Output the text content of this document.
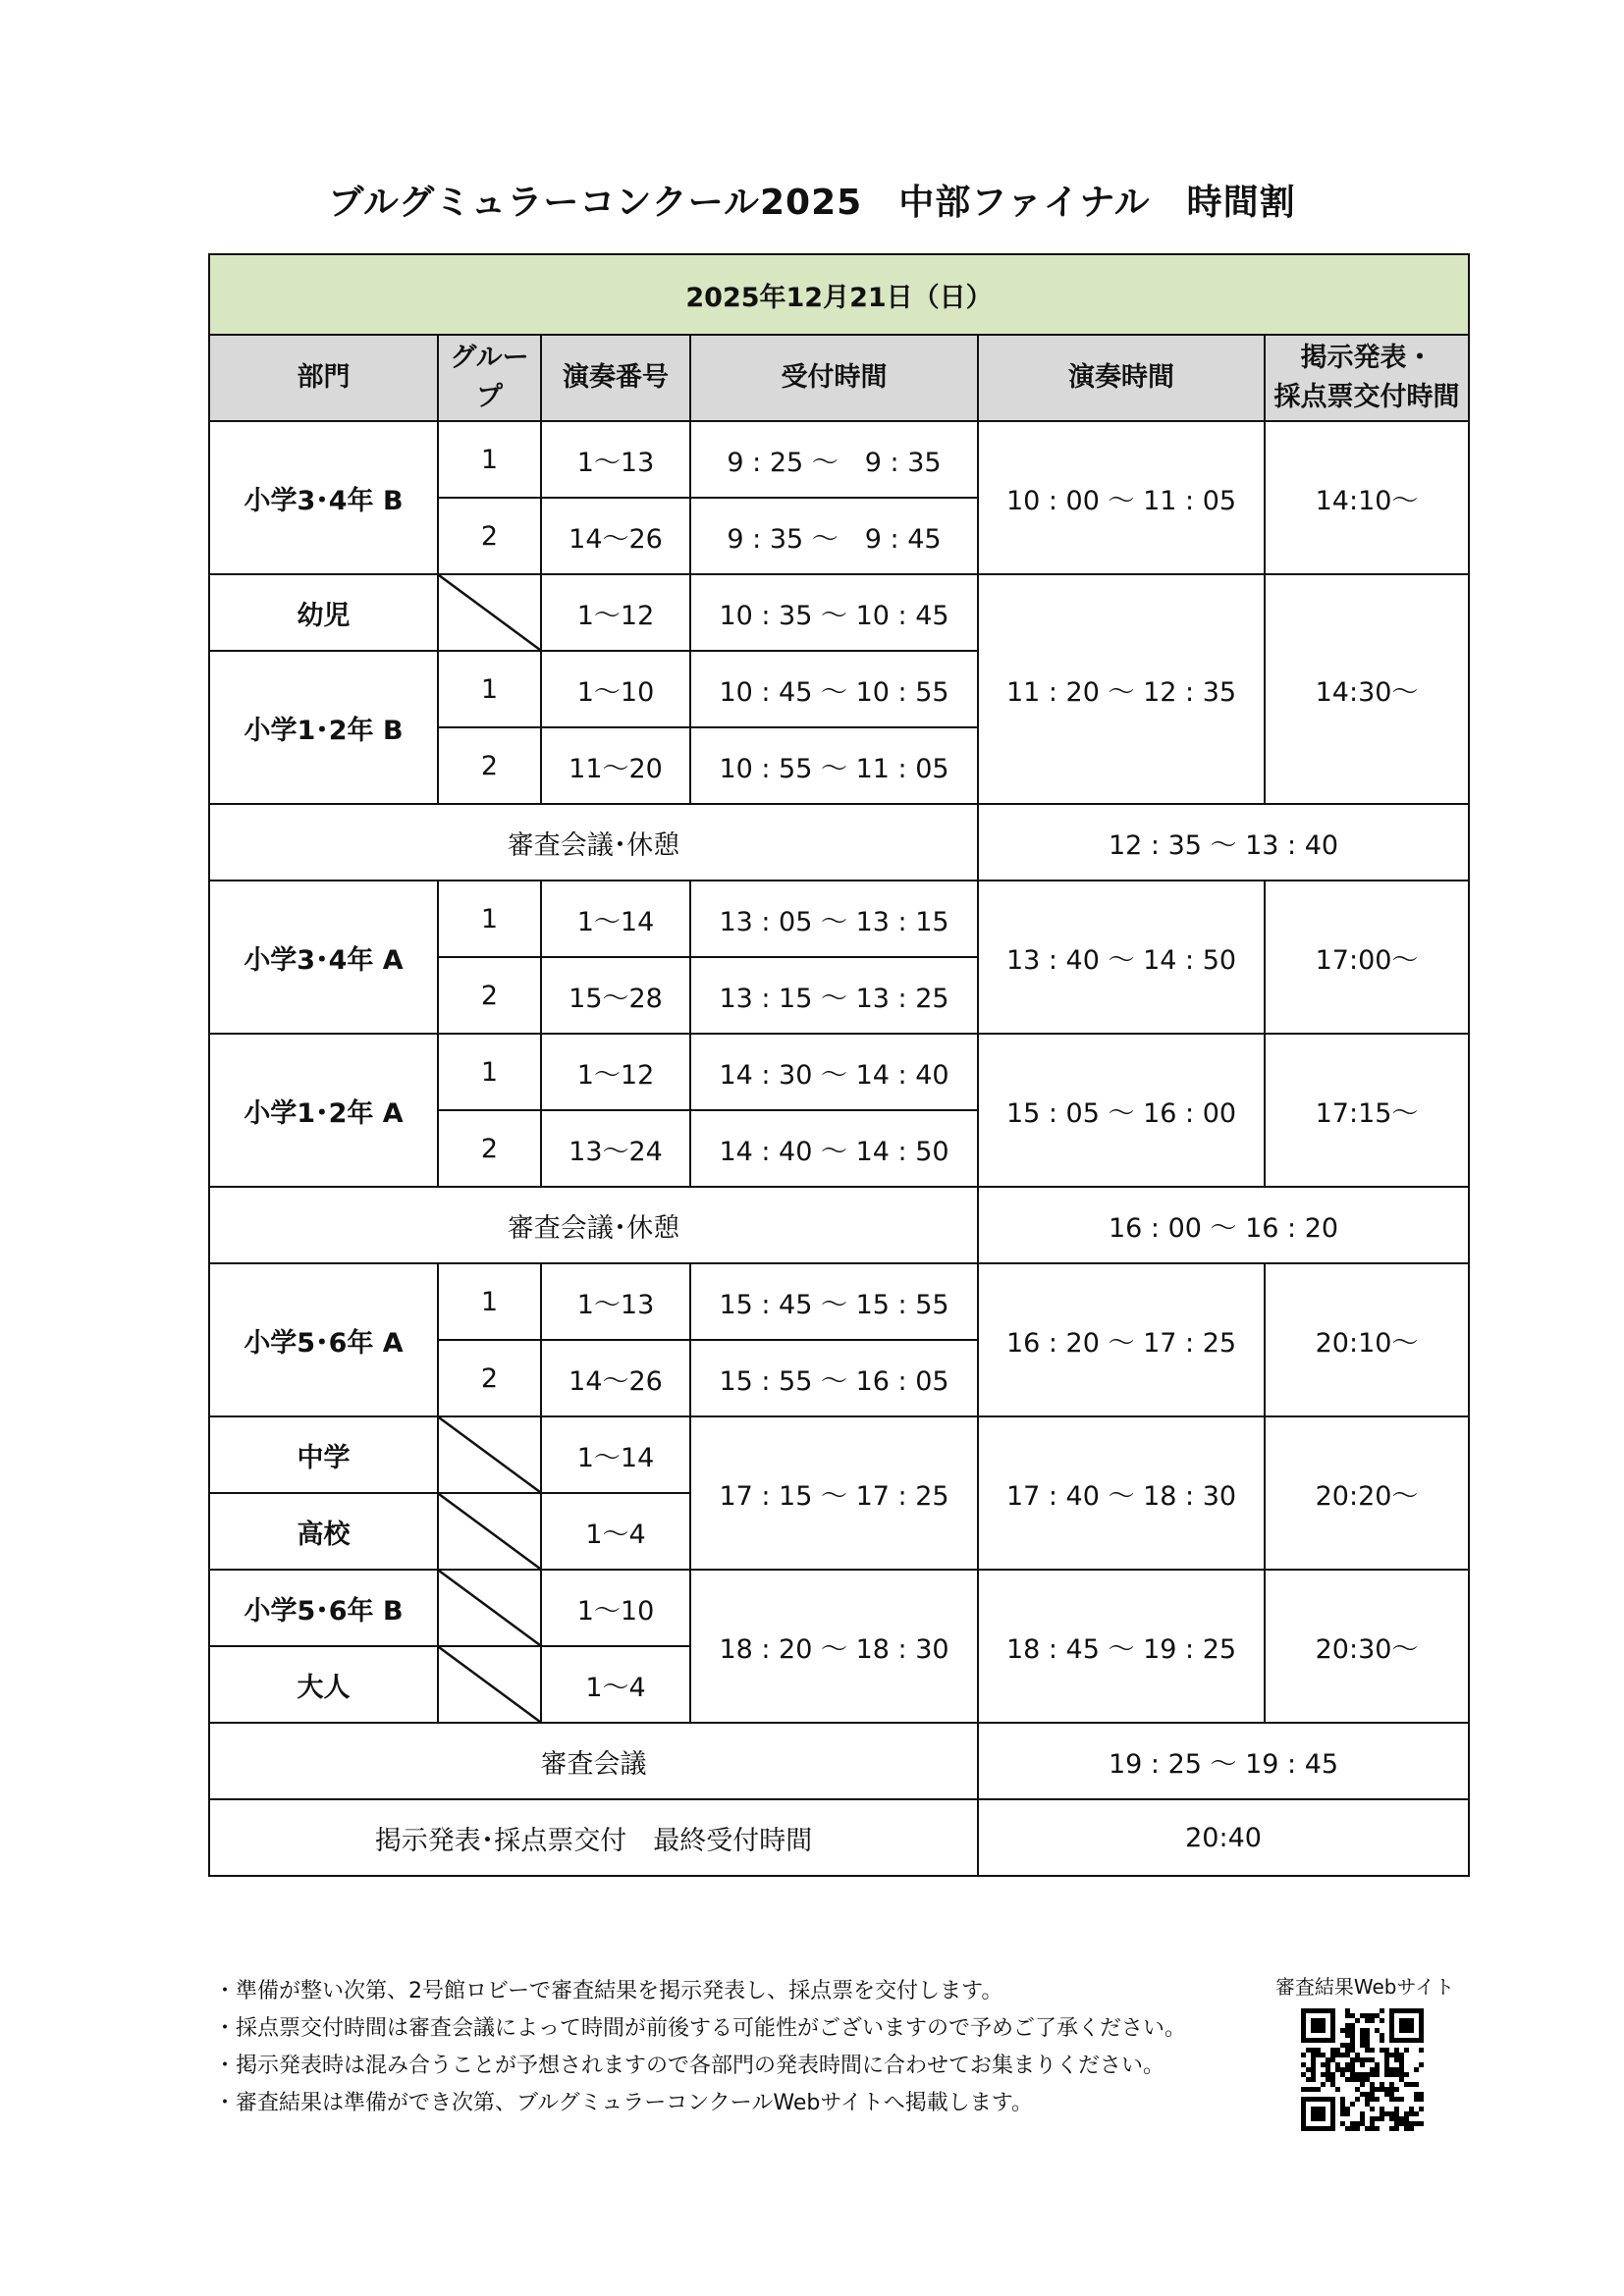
ブルグミュラーコンクール2025　中部ファイナル　時間割
2025年12月21日（日）					
部門	グループ	演奏番号	受付時間	演奏時間	掲示発表・
採点票交付時間
小学3･4年 B	1	1～13	9 : 25 ～　9 : 35	10 : 00 ～ 11 : 05	14:10～
	2	14～26	9 : 35 ～　9 : 45		
幼児		1～12	10 : 35 ～ 10 : 45	11 : 20 ～ 12 : 35	14:30～
小学1･2年 B	1	1～10	10 : 45 ～ 10 : 55		
	2	11～20	10 : 55 ～ 11 : 05		
審査会議･休憩				12 : 35 ～ 13 : 40	
小学3･4年 A	1	1～14	13 : 05 ～ 13 : 15	13 : 40 ～ 14 : 50	17:00～
	2	15～28	13 : 15 ～ 13 : 25		
小学1･2年 A	1	1～12	14 : 30 ～ 14 : 40	15 : 05 ～ 16 : 00	17:15～
	2	13～24	14 : 40 ～ 14 : 50		
審査会議･休憩				16 : 00 ～ 16 : 20	
小学5･6年 A	1	1～13	15 : 45 ～ 15 : 55	16 : 20 ～ 17 : 25	20:10～
	2	14～26	15 : 55 ～ 16 : 05		
中学		1～14	17 : 15 ～ 17 : 25	17 : 40 ～ 18 : 30	20:20～
高校		1～4			
小学5･6年 B		1～10	18 : 20 ～ 18 : 30	18 : 45 ～ 19 : 25	20:30～
大人		1～4			
審査会議				19 : 25 ～ 19 : 45	
掲示発表･採点票交付　最終受付時間				20:40	
・準備が整い次第、2号館ロビーで審査結果を掲示発表し、採点票を交付します。
・採点票交付時間は審査会議によって時間が前後する可能性がございますので予めご了承ください。
・掲示発表時は混み合うことが予想されますので各部門の発表時間に合わせてお集まりください。
・審査結果は準備ができ次第、ブルグミュラーコンクールWebサイトへ掲載します。
審査結果Webサイト
